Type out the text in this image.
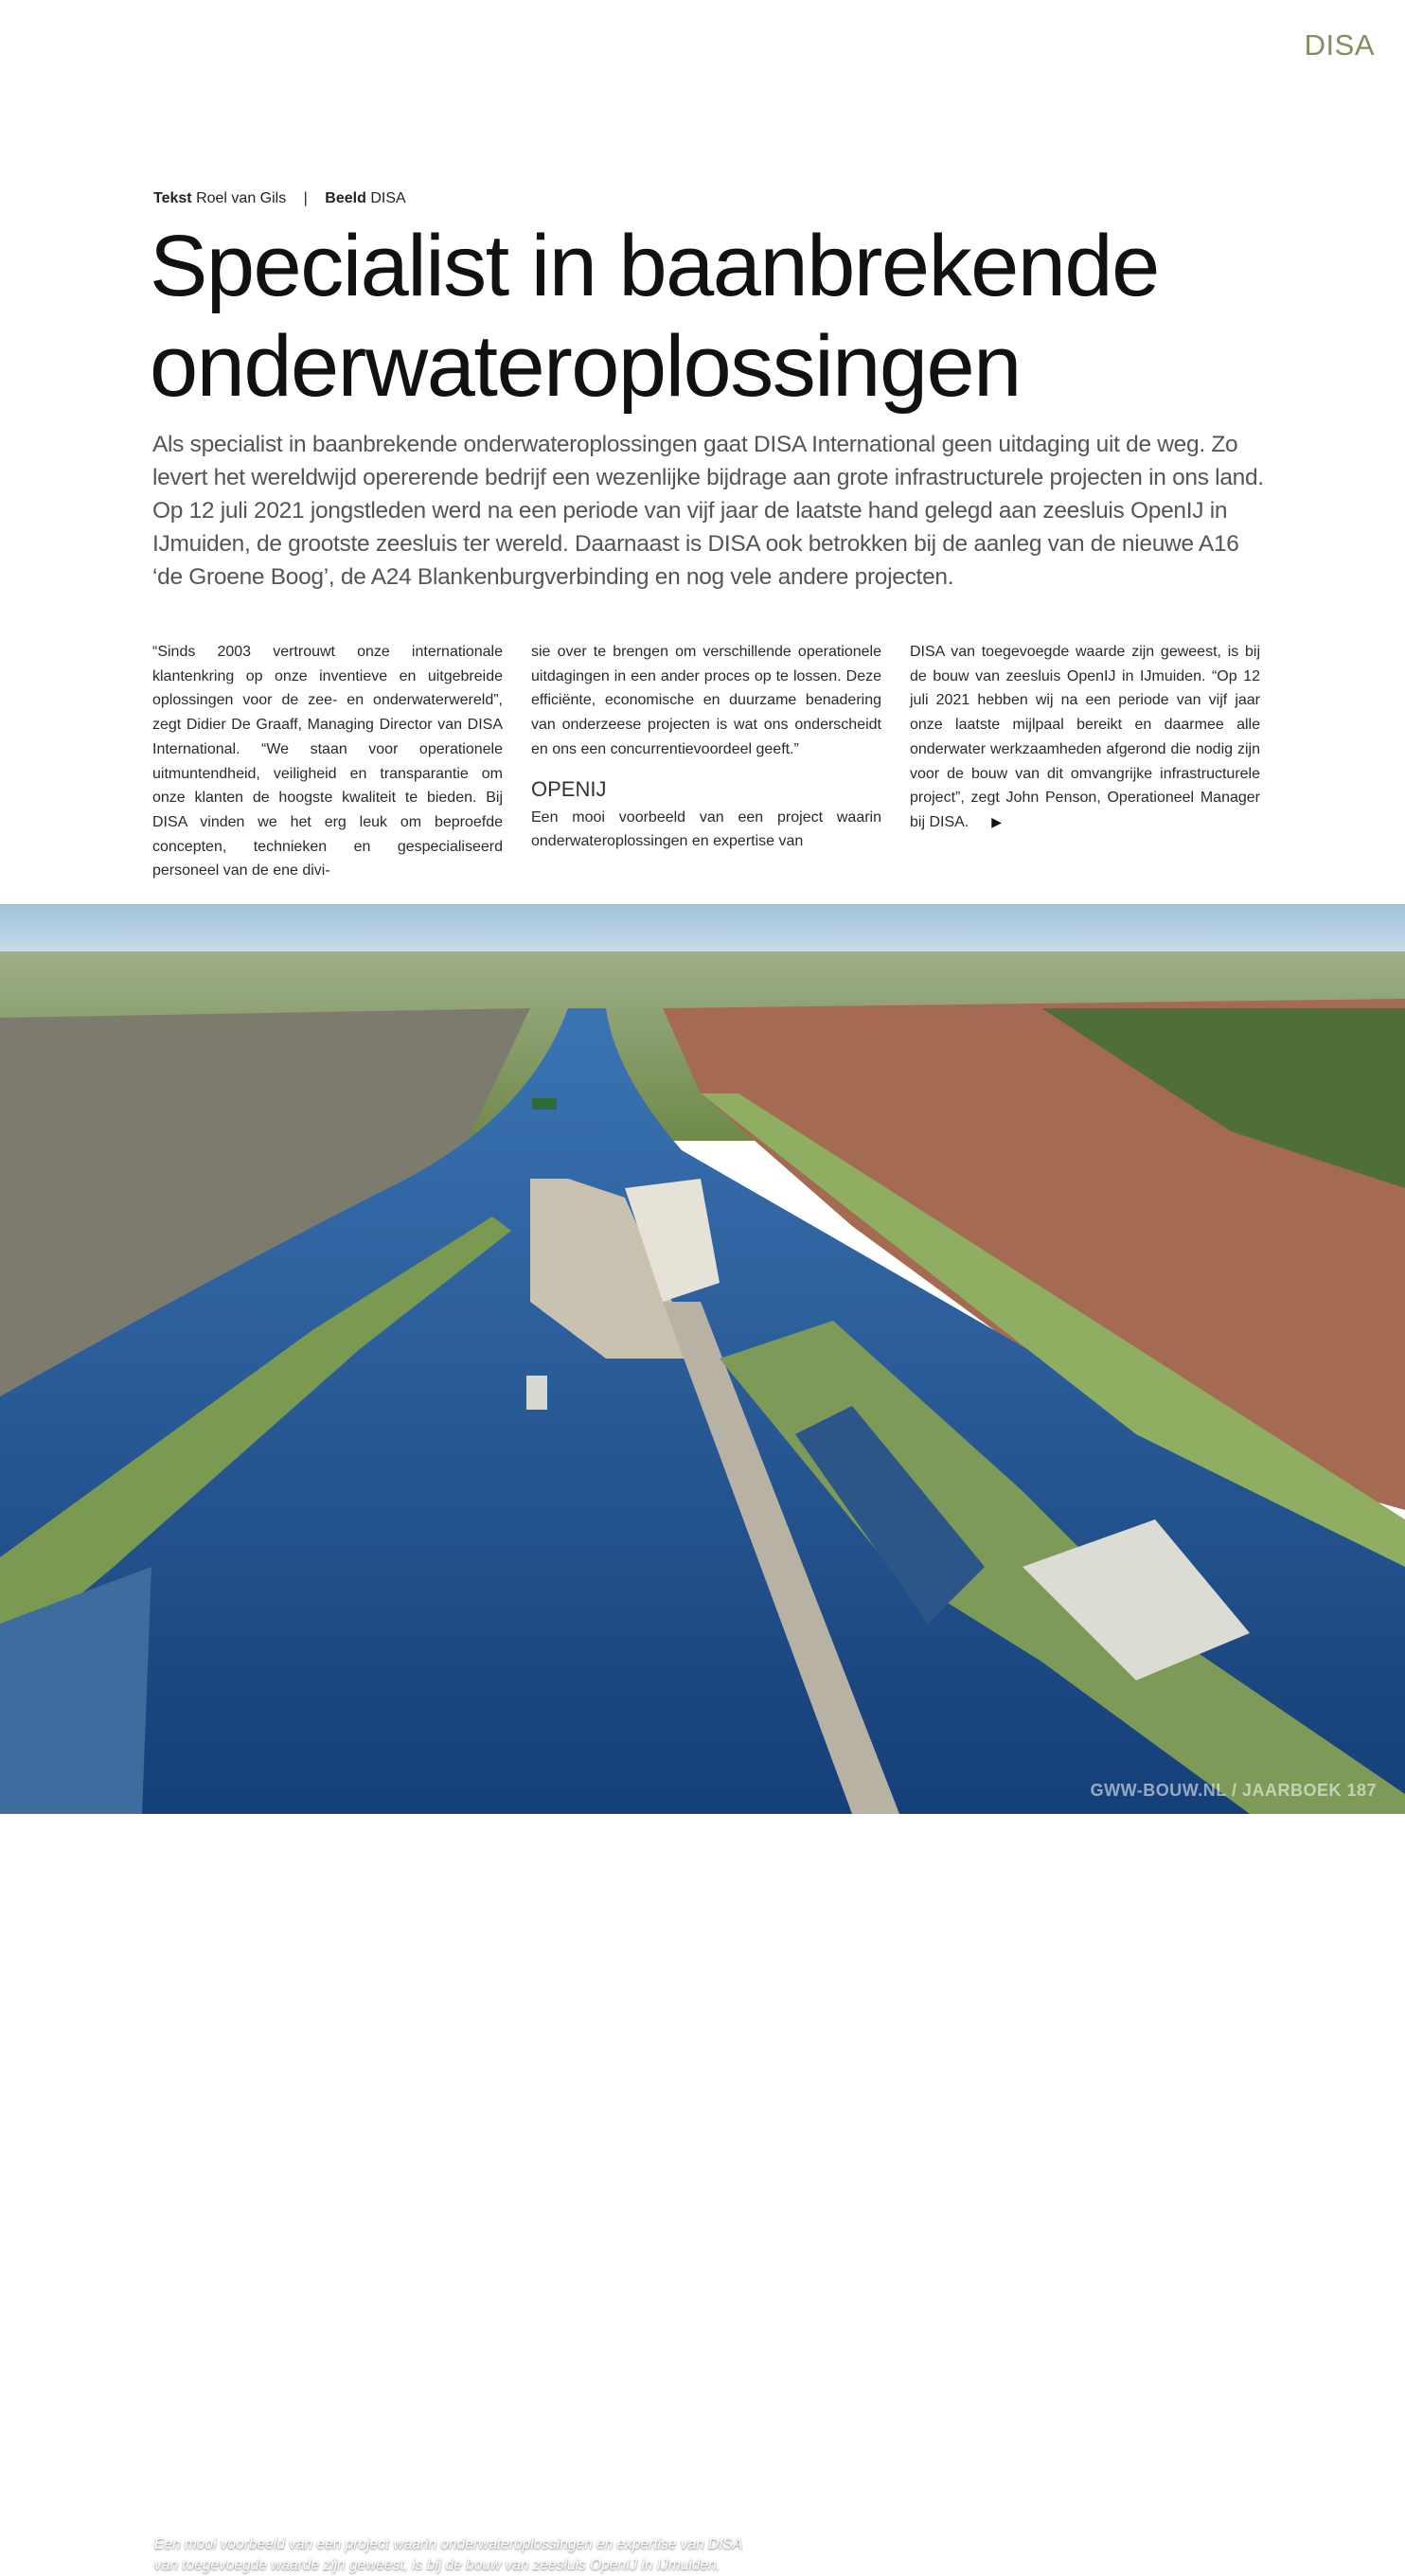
DISA
Tekst Roel van Gils | Beeld DISA
Specialist in baanbrekende
onderwateroplossingen
Als specialist in baanbrekende onderwateroplossingen gaat DISA International geen uitdaging uit de weg. Zo levert het wereldwijd opererende bedrijf een wezenlijke bijdrage aan grote infrastructurele projecten in ons land. Op 12 juli 2021 jongstleden werd na een periode van vijf jaar de laatste hand gelegd aan zeesluis OpenIJ in IJmuiden, de grootste zeesluis ter wereld. Daarnaast is DISA ook betrokken bij de aanleg van de nieuwe A16 ‘de Groene Boog’, de A24 Blankenburgverbinding en nog vele andere projecten.

“Sinds 2003 vertrouwt onze internationale klantenkring op onze inventieve en uitgebreide oplossingen voor de zee- en onderwaterwereld”, zegt Didier De Graaff, Managing Director van DISA International. “We staan voor operationele uitmuntendheid, veiligheid en transparantie om onze klanten de hoogste kwaliteit te bieden. Bij DISA vinden we het erg leuk om beproefde concepten, technieken en gespecialiseerd personeel van de ene divi-

sie over te brengen om verschillende operationele uitdagingen in een ander proces op te lossen. Deze efficiënte, economische en duurzame benadering van onderzeese projecten is wat ons onderscheidt en ons een concurrentievoordeel geeft.”

OPENIJ

Een mooi voorbeeld van een project waarin onderwateroplossingen en expertise van

DISA van toegevoegde waarde zijn geweest, is bij de bouw van zeesluis OpenIJ in IJmuiden. “Op 12 juli 2021 hebben wij na een periode van vijf jaar onze laatste mijlpaal bereikt en daarmee alle onderwater werkzaamheden afgerond die nodig zijn voor de bouw van dit omvangrijke infrastructurele project”, zegt John Penson, Operationeel Manager bij DISA. ▶

Een mooi voorbeeld van een project waarin onderwateroplossingen en expertise van DISA van toegevoegde waarde zijn geweest, is bij de bouw van zeesluis OpenIJ in IJmuiden.
GWW-BOUW.NL / JAARBOEK 187
